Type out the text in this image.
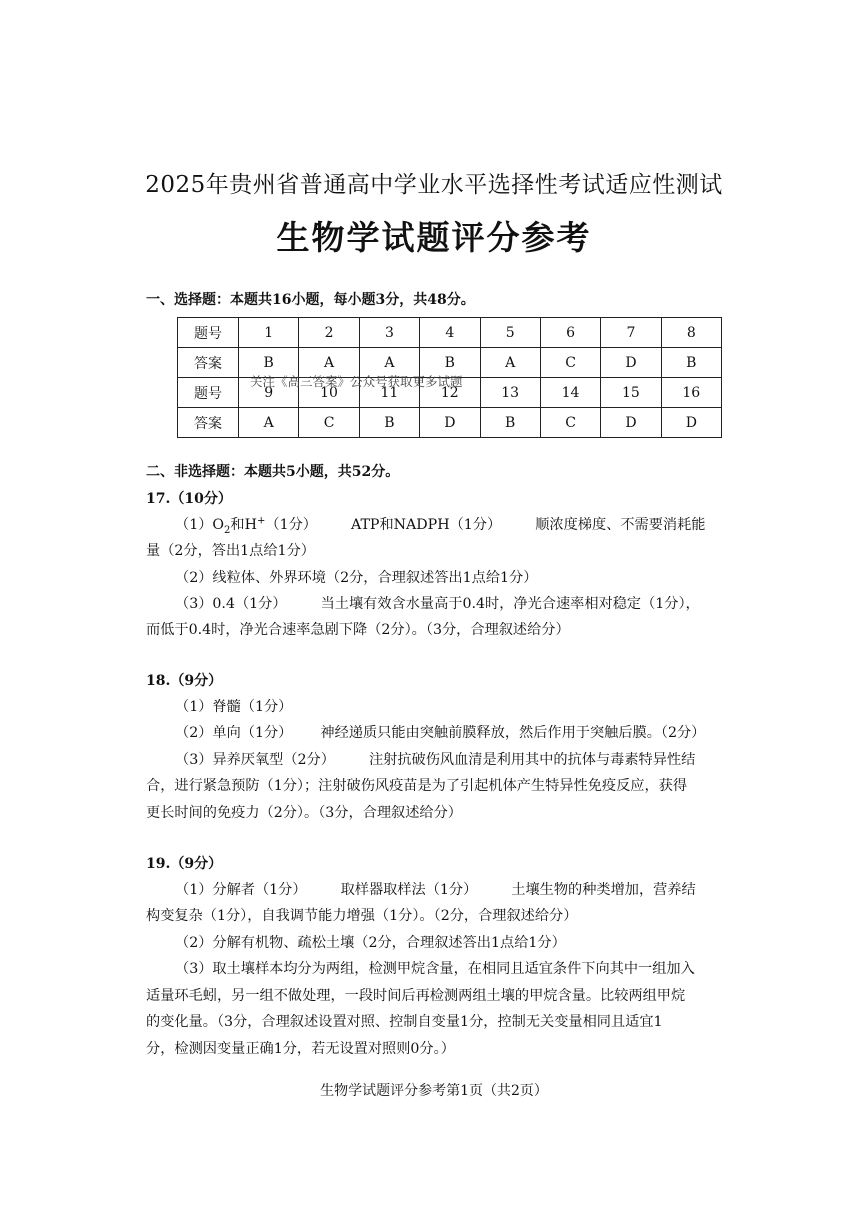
2025年贵州省普通高中学业水平选择性考试适应性测试
生物学试题评分参考
一、选择题：本题共16小题，每小题3分，共48分。
题号	1	2	3	4	5	6	7	8
答案	B	A	A	B	A	C	D	B
题号	9	10	11	12	13	14	15	16
答案	A	C	B	D	B	C	D	D
关注《高三答案》公众号获取更多试题
二、非选择题：本题共5小题，共52分。
17.（10分）
$(1)O_2$和H+（1分） ATP和NADPH（1分） 顺浓度梯度、不需要消耗能
量（2分，答出1点给1分）
（2）线粒体、外界环境（2分，合理叙述答出1点给1分）
（3）0.4（1分） 当土壤有效含水量高于0.4时，净光合速率相对稳定（1分），
而低于0.4时，净光合速率急剧下降（2分）。（3分，合理叙述给分）
18.（9分）
（1）脊髓（1分）
（2）单向（1分） 神经递质只能由突触前膜释放，然后作用于突触后膜。（2分）
（3）异养厌氧型（2分） 注射抗破伤风血清是利用其中的抗体与毒素特异性结
合，进行紧急预防（1分）；注射破伤风疫苗是为了引起机体产生特异性免疫反应，获得
更长时间的免疫力（2分）。（3分，合理叙述给分）
19.（9分）
（1）分解者（1分） 取样器取样法（1分） 土壤生物的种类增加，营养结
构变复杂（1分），自我调节能力增强（1分）。（2分，合理叙述给分）
（2）分解有机物、疏松土壤（2分，合理叙述答出1点给1分）
（3）取土壤样本均分为两组，检测甲烷含量，在相同且适宜条件下向其中一组加入
适量环毛蚓，另一组不做处理，一段时间后再检测两组土壤的甲烷含量。比较两组甲烷
的变化量。（3分，合理叙述设置对照、控制自变量1分，控制无关变量相同且适宜1
分，检测因变量正确1分，若无设置对照则0分。）
生物学试题评分参考第1页（共2页）
